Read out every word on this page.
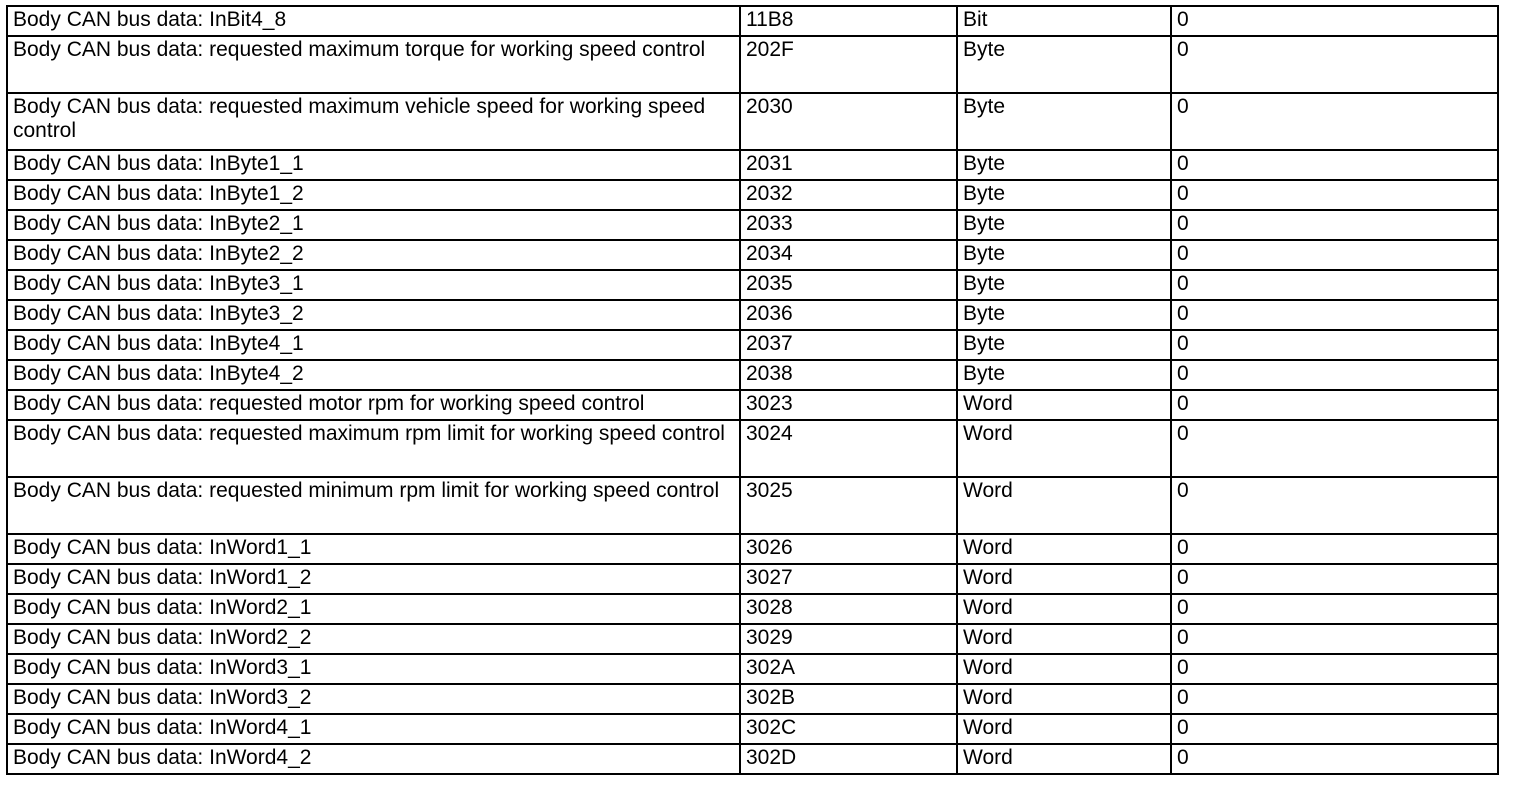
Body CAN bus data: InBit4_8	11B8	Bit	0
Body CAN bus data: requested maximum torque for working speed control	202F	Byte	0
Body CAN bus data: requested maximum vehicle speed for working speed control	2030	Byte	0
Body CAN bus data: InByte1_1	2031	Byte	0
Body CAN bus data: InByte1_2	2032	Byte	0
Body CAN bus data: InByte2_1	2033	Byte	0
Body CAN bus data: InByte2_2	2034	Byte	0
Body CAN bus data: InByte3_1	2035	Byte	0
Body CAN bus data: InByte3_2	2036	Byte	0
Body CAN bus data: InByte4_1	2037	Byte	0
Body CAN bus data: InByte4_2	2038	Byte	0
Body CAN bus data: requested motor rpm for working speed control	3023	Word	0
Body CAN bus data: requested maximum rpm limit for working speed control	3024	Word	0
Body CAN bus data: requested minimum rpm limit for working speed control	3025	Word	0
Body CAN bus data: InWord1_1	3026	Word	0
Body CAN bus data: InWord1_2	3027	Word	0
Body CAN bus data: InWord2_1	3028	Word	0
Body CAN bus data: InWord2_2	3029	Word	0
Body CAN bus data: InWord3_1	302A	Word	0
Body CAN bus data: InWord3_2	302B	Word	0
Body CAN bus data: InWord4_1	302C	Word	0
Body CAN bus data: InWord4_2	302D	Word	0
